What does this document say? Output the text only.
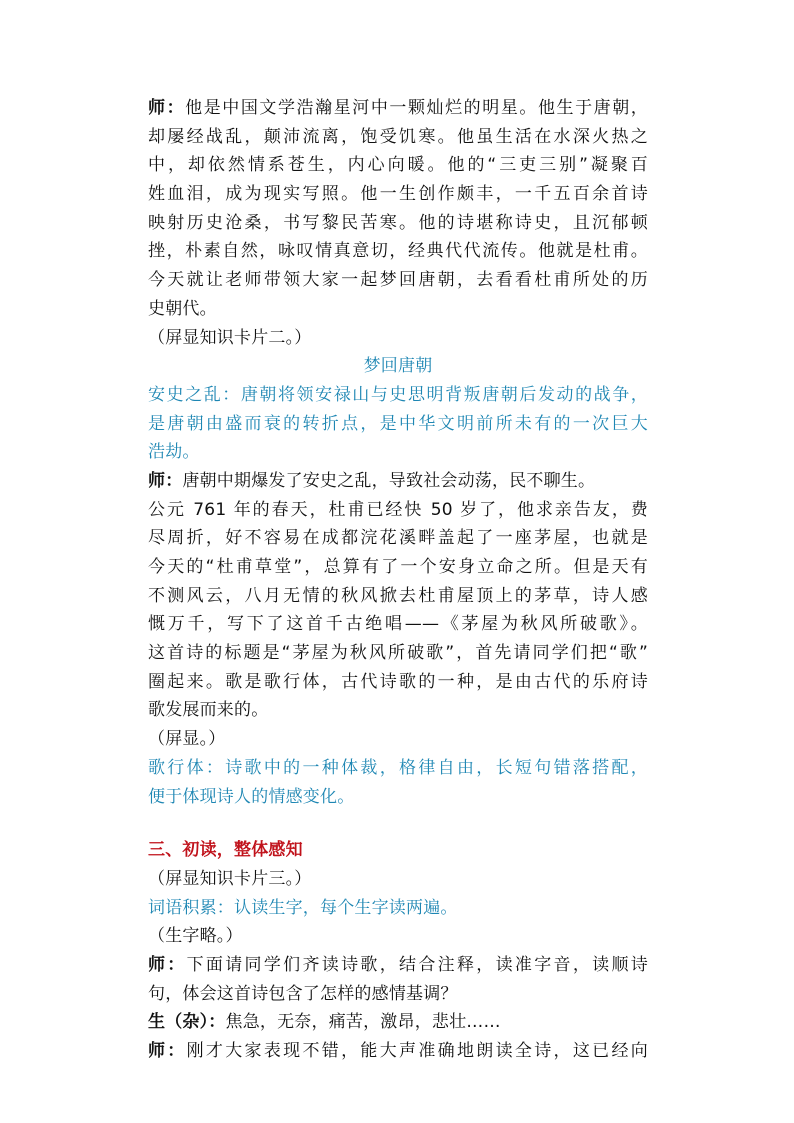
师：他是中国文学浩瀚星河中一颗灿烂的明星。他生于唐朝，
却屡经战乱，颠沛流离，饱受饥寒。他虽生活在水深火热之
中，却依然情系苍生，内心向暖。他的“三吏三别”凝聚百
姓血泪，成为现实写照。他一生创作颇丰，一千五百余首诗
映射历史沧桑，书写黎民苦寒。他的诗堪称诗史，且沉郁顿
挫，朴素自然，咏叹情真意切，经典代代流传。他就是杜甫。
今天就让老师带领大家一起梦回唐朝，去看看杜甫所处的历
史朝代。
（屏显知识卡片二。）
梦回唐朝
安史之乱：唐朝将领安禄山与史思明背叛唐朝后发动的战争，
是唐朝由盛而衰的转折点，是中华文明前所未有的一次巨大
浩劫。
师：唐朝中期爆发了安史之乱，导致社会动荡，民不聊生。
公元 761 年的春天，杜甫已经快 50 岁了，他求亲告友，费
尽周折，好不容易在成都浣花溪畔盖起了一座茅屋，也就是
今天的“杜甫草堂”，总算有了一个安身立命之所。但是天有
不测风云，八月无情的秋风掀去杜甫屋顶上的茅草，诗人感
慨万千，写下了这首千古绝唱——《茅屋为秋风所破歌》。
这首诗的标题是“茅屋为秋风所破歌”，首先请同学们把“歌”
圈起来。歌是歌行体，古代诗歌的一种，是由古代的乐府诗
歌发展而来的。
（屏显。）
歌行体：诗歌中的一种体裁，格律自由，长短句错落搭配，
便于体现诗人的情感变化。
三、初读，整体感知
（屏显知识卡片三。）
词语积累：认读生字，每个生字读两遍。
（生字略。）
师：下面请同学们齐读诗歌，结合注释，读准字音，读顺诗
句，体会这首诗包含了怎样的感情基调？
生（杂）：焦急，无奈，痛苦，激昂，悲壮……
师：刚才大家表现不错，能大声准确地朗读全诗，这已经向
